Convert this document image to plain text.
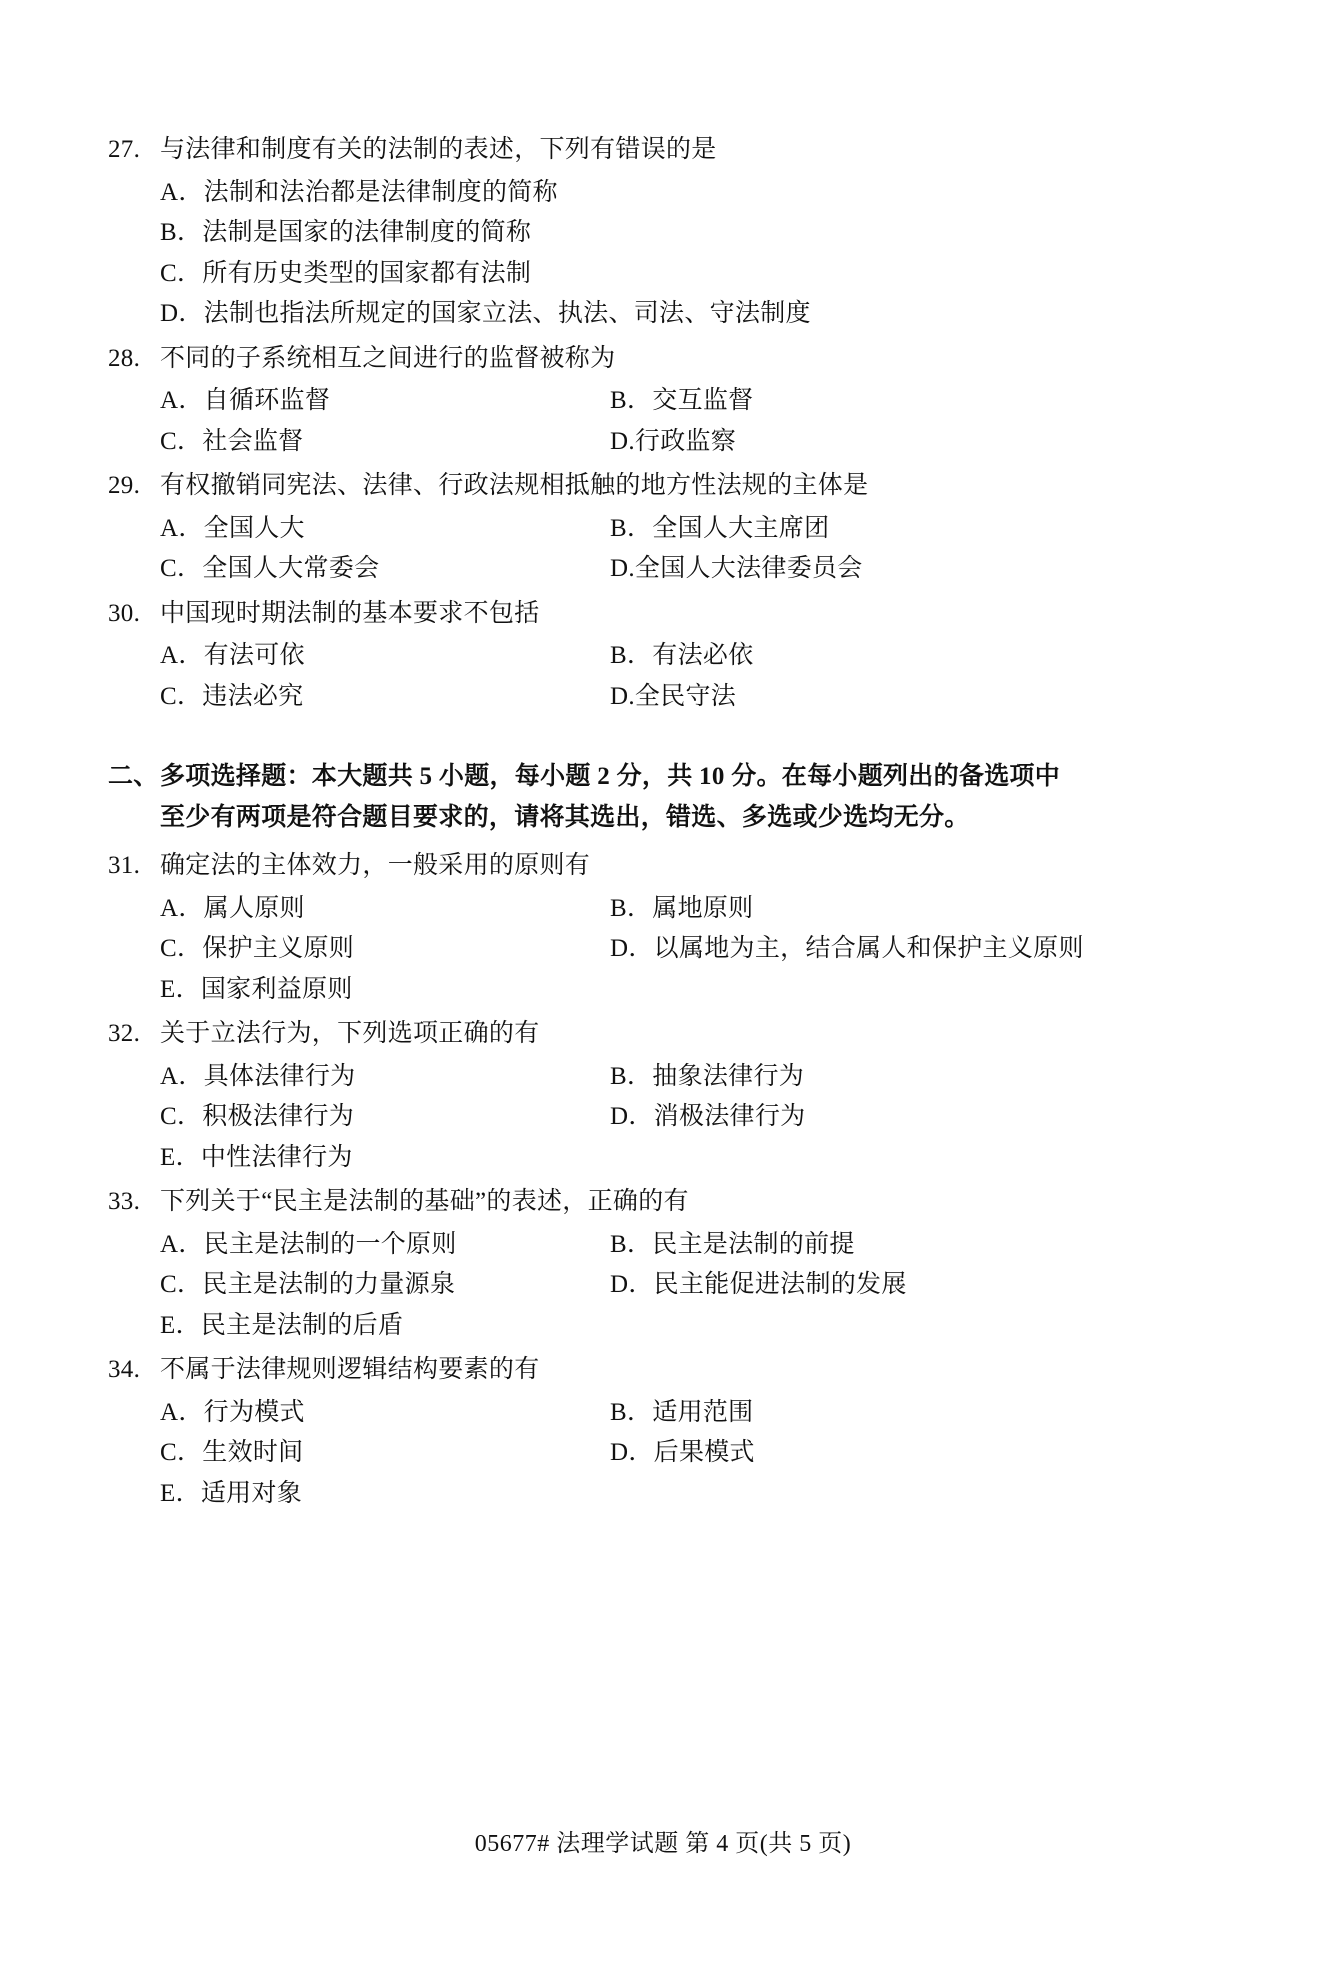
27. 与法律和制度有关的法制的表述，下列有错误的是
A．法制和法治都是法律制度的简称
B．法制是国家的法律制度的简称
C．所有历史类型的国家都有法制
D．法制也指法所规定的国家立法、执法、司法、守法制度
28. 不同的子系统相互之间进行的监督被称为
A．自循环监督	B．交互监督
C．社会监督	D.行政监察
29. 有权撤销同宪法、法律、行政法规相抵触的地方性法规的主体是
A．全国人大	B．全国人大主席团
C．全国人大常委会	D.全国人大法律委员会
30. 中国现时期法制的基本要求不包括
A．有法可依	B．有法必依
C．违法必究	D.全民守法
二、多项选择题：本大题共 5 小题，每小题 2 分，共 10 分。在每小题列出的备选项中
至少有两项是符合题目要求的，请将其选出，错选、多选或少选均无分。
31. 确定法的主体效力，一般采用的原则有
A．属人原则	B．属地原则
C．保护主义原则	D．以属地为主，结合属人和保护主义原则
E．国家利益原则
32. 关于立法行为，下列选项正确的有
A．具体法律行为	B．抽象法律行为
C．积极法律行为	D．消极法律行为
E．中性法律行为
33. 下列关于“民主是法制的基础”的表述，正确的有
A．民主是法制的一个原则	B．民主是法制的前提
C．民主是法制的力量源泉	D．民主能促进法制的发展
E．民主是法制的后盾
34. 不属于法律规则逻辑结构要素的有
A．行为模式	B．适用范围
C．生效时间	D．后果模式
E．适用对象
05677# 法理学试题 第 4 页(共 5 页)
